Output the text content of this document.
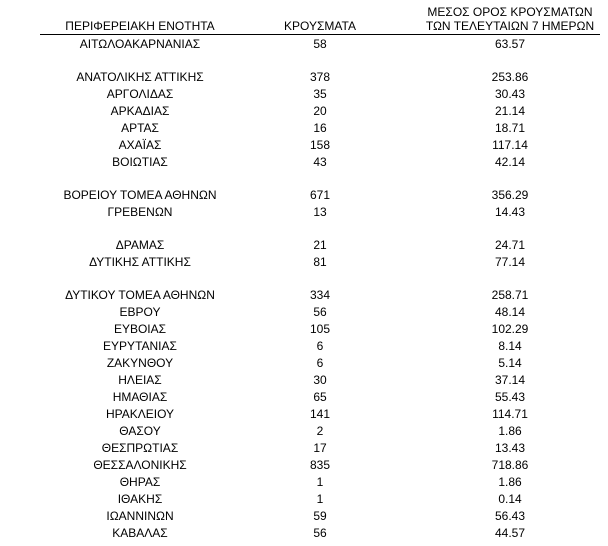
ΠΕΡΙΦΕΡΕΙΑΚΗ ΕΝΟΤΗΤΑ	ΚΡΟΥΣΜΑΤΑ
ΜΕΣΟΣ ΟΡΟΣ ΚΡΟΥΣΜΑΤΩΝ
ΤΩΝ ΤΕΛΕΥΤΑΙΩΝ 7 ΗΜΕΡΩΝ
ΑΙΤΩΛΟΑΚΑΡΝΑΝΙΑΣ	58	63.57
ΑΝΑΤΟΛΙΚΗΣ ΑΤΤΙΚΗΣ	378	253.86
ΑΡΓΟΛΙΔΑΣ	35	30.43
ΑΡΚΑΔΙΑΣ	20	21.14
ΑΡΤΑΣ	16	18.71
ΑΧΑΪΑΣ	158	117.14
ΒΟΙΩΤΙΑΣ	43	42.14
ΒΟΡΕΙΟΥ ΤΟΜΕΑ ΑΘΗΝΩΝ	671	356.29
ΓΡΕΒΕΝΩΝ	13	14.43
ΔΡΑΜΑΣ	21	24.71
ΔΥΤΙΚΗΣ ΑΤΤΙΚΗΣ	81	77.14
ΔΥΤΙΚΟΥ ΤΟΜΕΑ ΑΘΗΝΩΝ	334	258.71
ΕΒΡΟΥ	56	48.14
ΕΥΒΟΙΑΣ	105	102.29
ΕΥΡΥΤΑΝΙΑΣ	6	8.14
ΖΑΚΥΝΘΟΥ	6	5.14
ΗΛΕΙΑΣ	30	37.14
ΗΜΑΘΙΑΣ	65	55.43
ΗΡΑΚΛΕΙΟΥ	141	114.71
ΘΑΣΟΥ	2	1.86
ΘΕΣΠΡΩΤΙΑΣ	17	13.43
ΘΕΣΣΑΛΟΝΙΚΗΣ	835	718.86
ΘΗΡΑΣ	1	1.86
ΙΘΑΚΗΣ	1	0.14
ΙΩΑΝΝΙΝΩΝ	59	56.43
ΚΑΒΑΛΑΣ	56	44.57
